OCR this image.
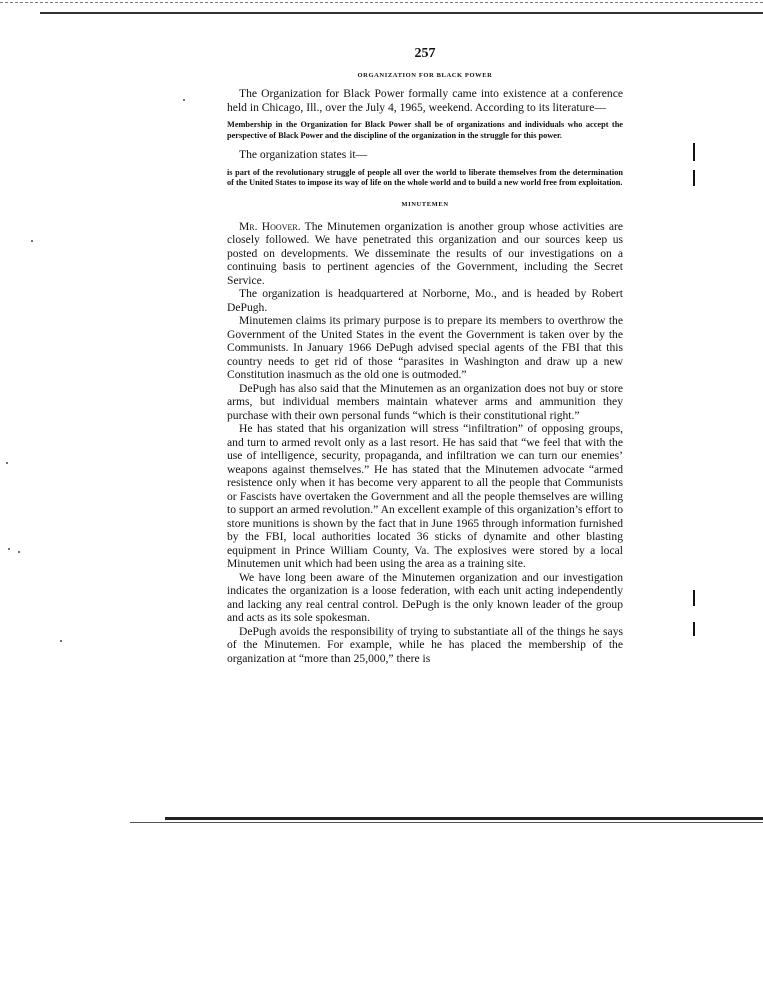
257
ORGANIZATION FOR BLACK POWER

The Organization for Black Power formally came into existence at a conference held in Chicago, Ill., over the July 4, 1965, weekend. According to its literature—

Membership in the Organization for Black Power shall be of organizations and individuals who accept the perspective of Black Power and the discipline of the organization in the struggle for this power.

The organization states it—

is part of the revolutionary struggle of people all over the world to liberate themselves from the determination of the United States to impose its way of life on the whole world and to build a new world free from exploitation.
MINUTEMEN

Mr. Hoover. The Minutemen organization is another group whose activities are closely followed. We have penetrated this organization and our sources keep us posted on developments. We disseminate the results of our investigations on a continuing basis to pertinent agencies of the Government, including the Secret Service.

The organization is headquartered at Norborne, Mo., and is headed by Robert DePugh.

Minutemen claims its primary purpose is to prepare its members to overthrow the Government of the United States in the event the Government is taken over by the Communists. In January 1966 DePugh advised special agents of the FBI that this country needs to get rid of those “parasites in Washington and draw up a new Constitution inasmuch as the old one is outmoded.”

DePugh has also said that the Minutemen as an organization does not buy or store arms, but individual members maintain whatever arms and ammunition they purchase with their own personal funds “which is their constitutional right.”

He has stated that his organization will stress “infiltration” of opposing groups, and turn to armed revolt only as a last resort. He has said that “we feel that with the use of intelligence, security, propaganda, and infiltration we can turn our enemies’ weapons against themselves.” He has stated that the Minutemen advocate “armed resistence only when it has become very apparent to all the people that Communists or Fascists have overtaken the Government and all the people themselves are willing to support an armed revolution.” An excellent example of this organization’s effort to store munitions is shown by the fact that in June 1965 through information furnished by the FBI, local authorities located 36 sticks of dynamite and other blasting equipment in Prince William County, Va. The explosives were stored by a local Minutemen unit which had been using the area as a training site.

We have long been aware of the Minutemen organization and our investigation indicates the organization is a loose federation, with each unit acting independently and lacking any real central control. DePugh is the only known leader of the group and acts as its sole spokesman.

DePugh avoids the responsibility of trying to substantiate all of the things he says of the Minutemen. For example, while he has placed the membership of the organization at “more than 25,000,” there is
